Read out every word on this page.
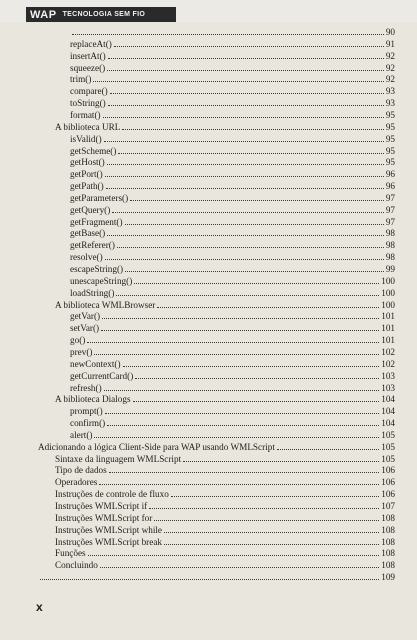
WAP TECNOLOGIA SEM FIO
90
replaceAt()	91
insertAt()	92
squeeze()	92
trim()	92
compare()	93
toString()	93
format()	95
A biblioteca URL	95
isValid()	95
getScheme()	95
getHost()	95
getPort()	96
getPath()	96
getParameters()	97
getQuery()	97
getFragment()	97
getBase()	98
getReferer()	98
resolve()	98
escapeString()	99
unescapeString()	100
loadString()	100
A biblioteca WMLBrowser	100
getVar()	101
setVar()	101
go()	101
prev()	102
newContext()	102
getCurrentCard()	103
refresh()	103
A biblioteca Dialogs	104
prompt()	104
confirm()	104
alert()	105
Adicionando a lógica Client-Side para WAP usando WMLScript	105
Sintaxe da linguagem WMLScript	105
Tipo de dados	106
Operadores	106
Instruções de controle de fluxo	106
Instruções WMLScript if	107
Instruções WMLScript for	108
Instruções WMLScript while	108
Instruções WMLScript break	108
Funções	108
Concluindo	108
109
x
